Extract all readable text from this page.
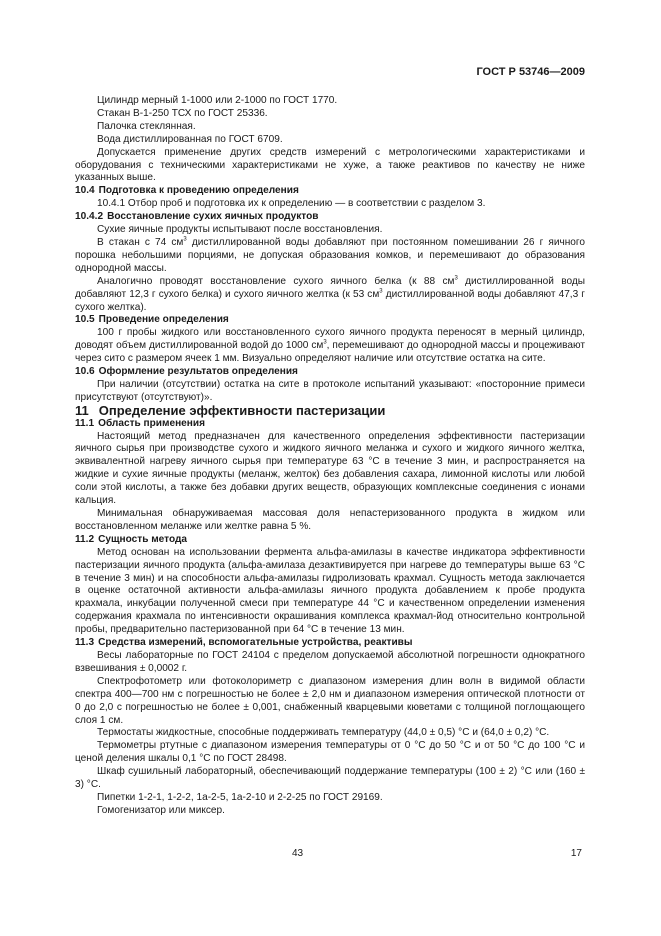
ГОСТ Р 53746—2009

Цилиндр мерный 1-1000 или 2-1000 по ГОСТ 1770.

Стакан В-1-250 ТСХ по ГОСТ 25336.

Палочка стеклянная.

Вода дистиллированная по ГОСТ 6709.

Допускается применение других средств измерений с метрологическими характеристиками и оборудования с техническими характеристиками не хуже, а также реактивов по качеству не ниже указанных выше.

10.4 Подготовка к проведению определения

10.4.1 Отбор проб и подготовка их к определению — в соответствии с разделом 3.

10.4.2 Восстановление сухих яичных продуктов

Сухие яичные продукты испытывают после восстановления.

В стакан с 74 $см^3$ дистиллированной воды добавляют при постоянном помешивании 26 г яичного порошка небольшими порциями, не допуская образования комков, и перемешивают до образования однородной массы.

Аналогично проводят восстановление сухого яичного белка (к 88 $см^3$ дистиллированной воды добавляют 12,3 г сухого белка) и сухого яичного желтка (к 53 $см^3$ дистиллированной воды добавляют 47,3 г сухого желтка).

10.5 Проведение определения

100 г пробы жидкого или восстановленного сухого яичного продукта переносят в мерный цилиндр, доводят объем дистиллированной водой до 1000 $см^3$, перемешивают до однородной массы и процеживают через сито с размером ячеек 1 мм. Визуально определяют наличие или отсутствие остатка на сите.

10.6 Оформление результатов определения

При наличии (отсутствии) остатка на сите в протоколе испытаний указывают: «посторонние примеси присутствуют (отсутствуют)».

11 Определение эффективности пастеризации

11.1 Область применения

Настоящий метод предназначен для качественного определения эффективности пастеризации яичного сырья при производстве сухого и жидкого яичного меланжа и сухого и жидкого яичного желтка, эквивалентной нагреву яичного сырья при температуре 63 °С в течение 3 мин, и распространяется на жидкие и сухие яичные продукты (меланж, желток) без добавления сахара, лимонной кислоты или любой соли этой кислоты, а также без добавки других веществ, образующих комплексные соединения с ионами кальция.

Минимальная обнаруживаемая массовая доля непастеризованного продукта в жидком или восстановленном меланже или желтке равна 5 %.

11.2 Сущность метода

Метод основан на использовании фермента альфа-амилазы в качестве индикатора эффективности пастеризации яичного продукта (альфа-амилаза дезактивируется при нагреве до температуры выше 63 °С в течение 3 мин) и на способности альфа-амилазы гидролизовать крахмал. Сущность метода заключается в оценке остаточной активности альфа-амилазы яичного продукта добавлением к пробе продукта крахмала, инкубации полученной смеси при температуре 44 °С и качественном определении изменения содержания крахмала по интенсивности окрашивания комплекса крахмал-йод относительно контрольной пробы, предварительно пастеризованной при 64 °С в течение 13 мин.

11.3 Средства измерений, вспомогательные устройства, реактивы

Весы лабораторные по ГОСТ 24104 с пределом допускаемой абсолютной погрешности однократного взвешивания ± 0,0002 г.

Спектрофотометр или фотоколориметр с диапазоном измерения длин волн в видимой области спектра 400—700 нм с погрешностью не более ± 2,0 нм и диапазоном измерения оптической плотности от 0 до 2,0 с погрешностью не более ± 0,001, снабженный кварцевыми кюветами с толщиной поглощающего слоя 1 см.

Термостаты жидкостные, способные поддерживать температуру (44,0 ± 0,5) °С и (64,0 ± 0,2) °С.

Термометры ртутные с диапазоном измерения температуры от 0 °С до 50 °С и от 50 °С до 100 °С и ценой деления шкалы 0,1 °С по ГОСТ 28498.

Шкаф сушильный лабораторный, обеспечивающий поддержание температуры (100 ± 2) °С или (160 ± 3) °С.

Пипетки 1-2-1, 1-2-2, 1а-2-5, 1а-2-10 и 2-2-25 по ГОСТ 29169.

Гомогенизатор или миксер.

43	17
